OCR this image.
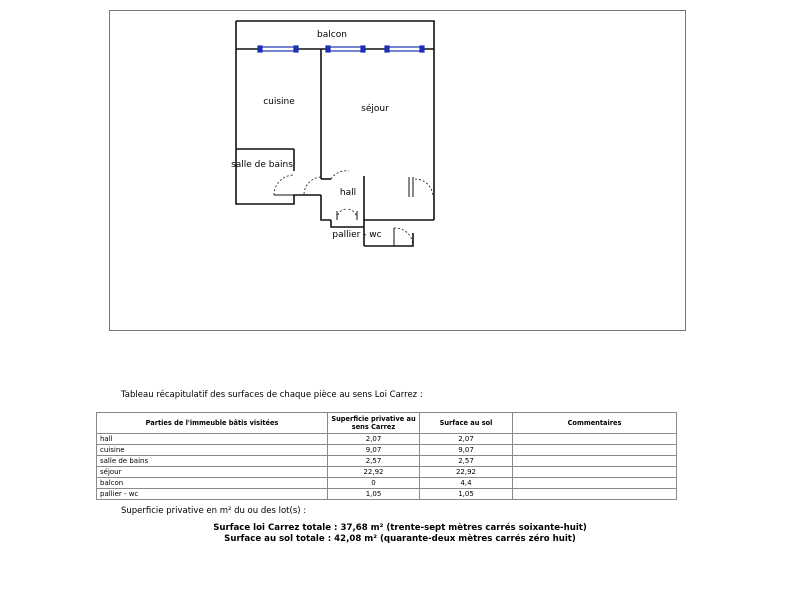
balcon
cuisine
séjour
salle de bains
hall
pallier - wc
Tableau récapitulatif des surfaces de chaque pièce au sens Loi Carrez :
Parties de l'immeuble bâtis visitées	Superficie privative au sens Carrez	Surface au sol	Commentaires
hall	2,07	2,07	
cuisine	9,07	9,07	
salle de bains	2,57	2,57	
séjour	22,92	22,92	
balcon	0	4,4	
pallier - wc	1,05	1,05	
Superficie privative en m² du ou des lot(s) :
Surface loi Carrez totale : 37,68 m² (trente-sept mètres carrés soixante-huit)
Surface au sol totale : 42,08 m² (quarante-deux mètres carrés zéro huit)
